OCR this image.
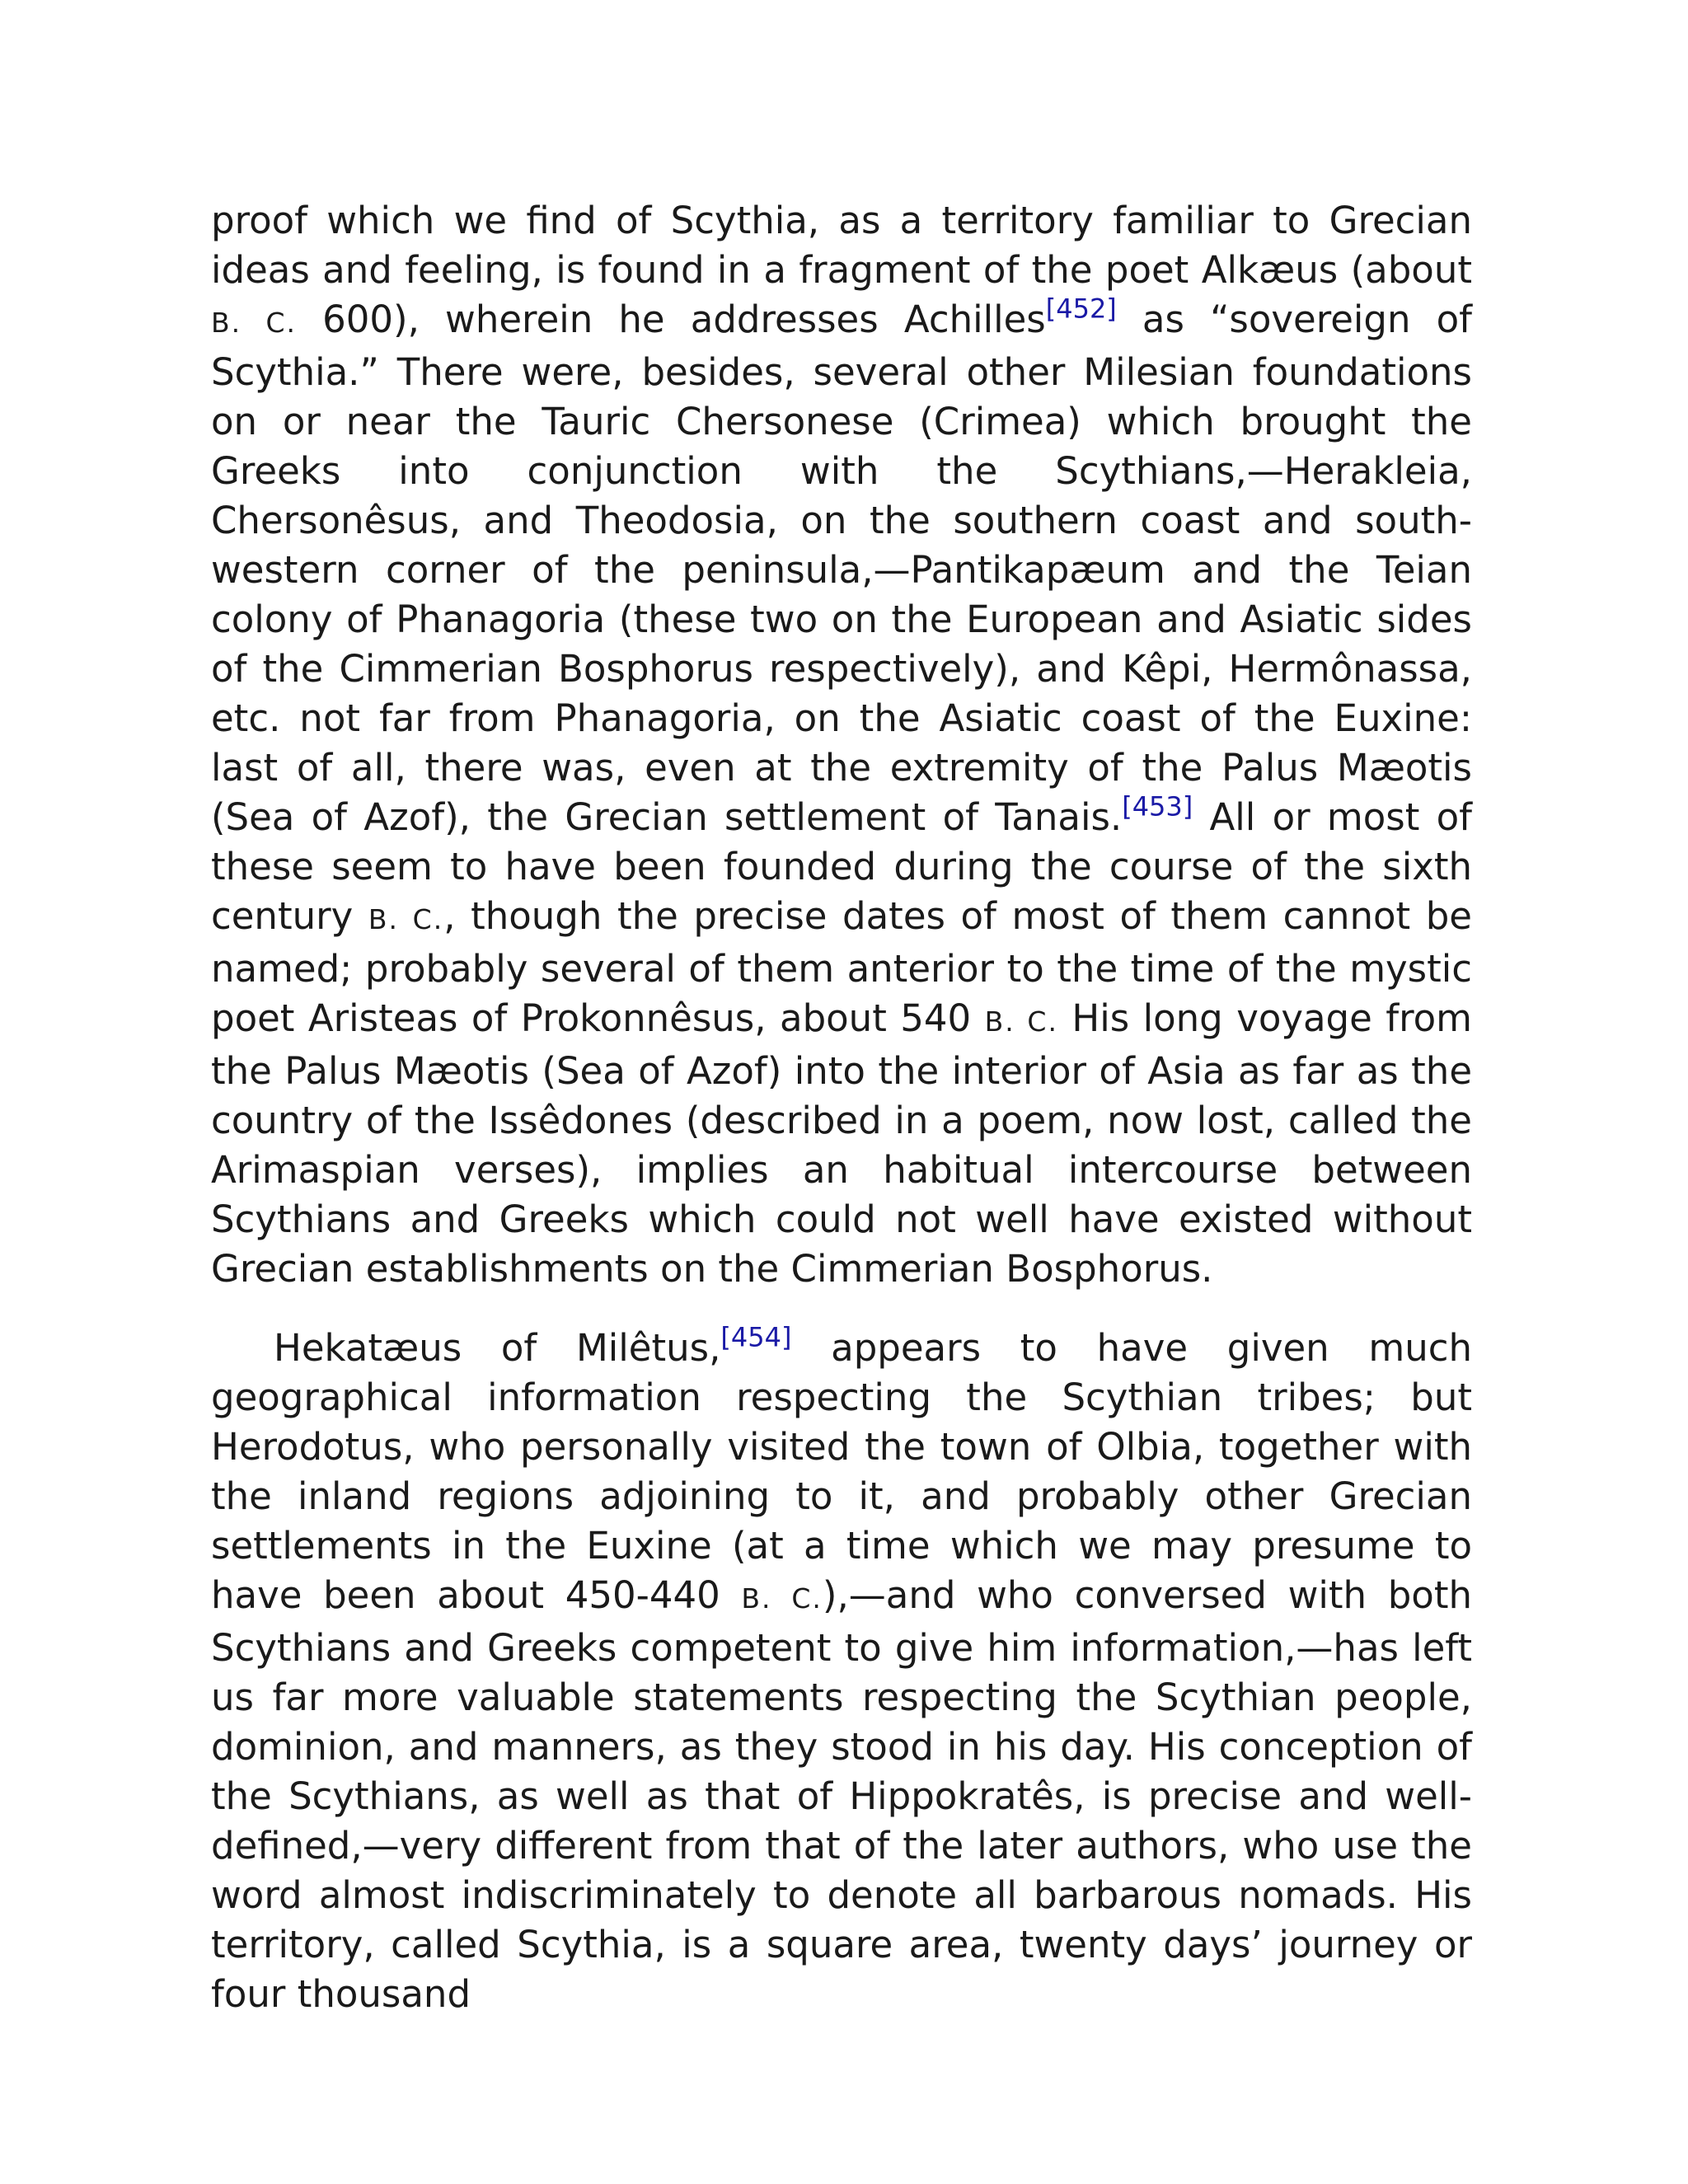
proof which we find of Scythia, as a territory familiar to Grecian ideas and feeling, is found in a fragment of the poet Alkæus (about B. C. 600), wherein he addresses Achilles[452] as “sovereign of Scythia.” There were, besides, several other Milesian foundations on or near the Tauric Chersonese (Crimea) which brought the Greeks into conjunction with the Scythians,—Herakleia, Chersonêsus, and Theodosia, on the southern coast and south-western corner of the peninsula,—Pantikapæum and the Teian colony of Phanagoria (these two on the European and Asiatic sides of the Cimmerian Bosphorus respectively), and Kêpi, Hermônassa, etc. not far from Phanagoria, on the Asiatic coast of the Euxine: last of all, there was, even at the extremity of the Palus Mæotis (Sea of Azof), the Grecian settlement of Tanais.[453] All or most of these seem to have been founded during the course of the sixth century B. C., though the precise dates of most of them cannot be named; probably several of them anterior to the time of the mystic poet Aristeas of Prokonnêsus, about 540 B. C. His long voyage from the Palus Mæotis (Sea of Azof) into the interior of Asia as far as the country of the Issêdones (described in a poem, now lost, called the Arimaspian verses), implies an habitual intercourse between Scythians and Greeks which could not well have existed without Grecian establishments on the Cimmerian Bosphorus.

Hekatæus of Milêtus,[454] appears to have given much geographical information respecting the Scythian tribes; but Herodotus, who personally visited the town of Olbia, together with the inland regions adjoining to it, and probably other Grecian settlements in the Euxine (at a time which we may presume to have been about 450-440 B. C.),—and who conversed with both Scythians and Greeks competent to give him information,—has left us far more valuable statements respecting the Scythian people, dominion, and manners, as they stood in his day. His conception of the Scythians, as well as that of Hippokratês, is precise and well-defined,—very different from that of the later authors, who use the word almost indiscriminately to denote all barbarous nomads. His territory, called Scythia, is a square area, twenty days’ journey or four thousand
